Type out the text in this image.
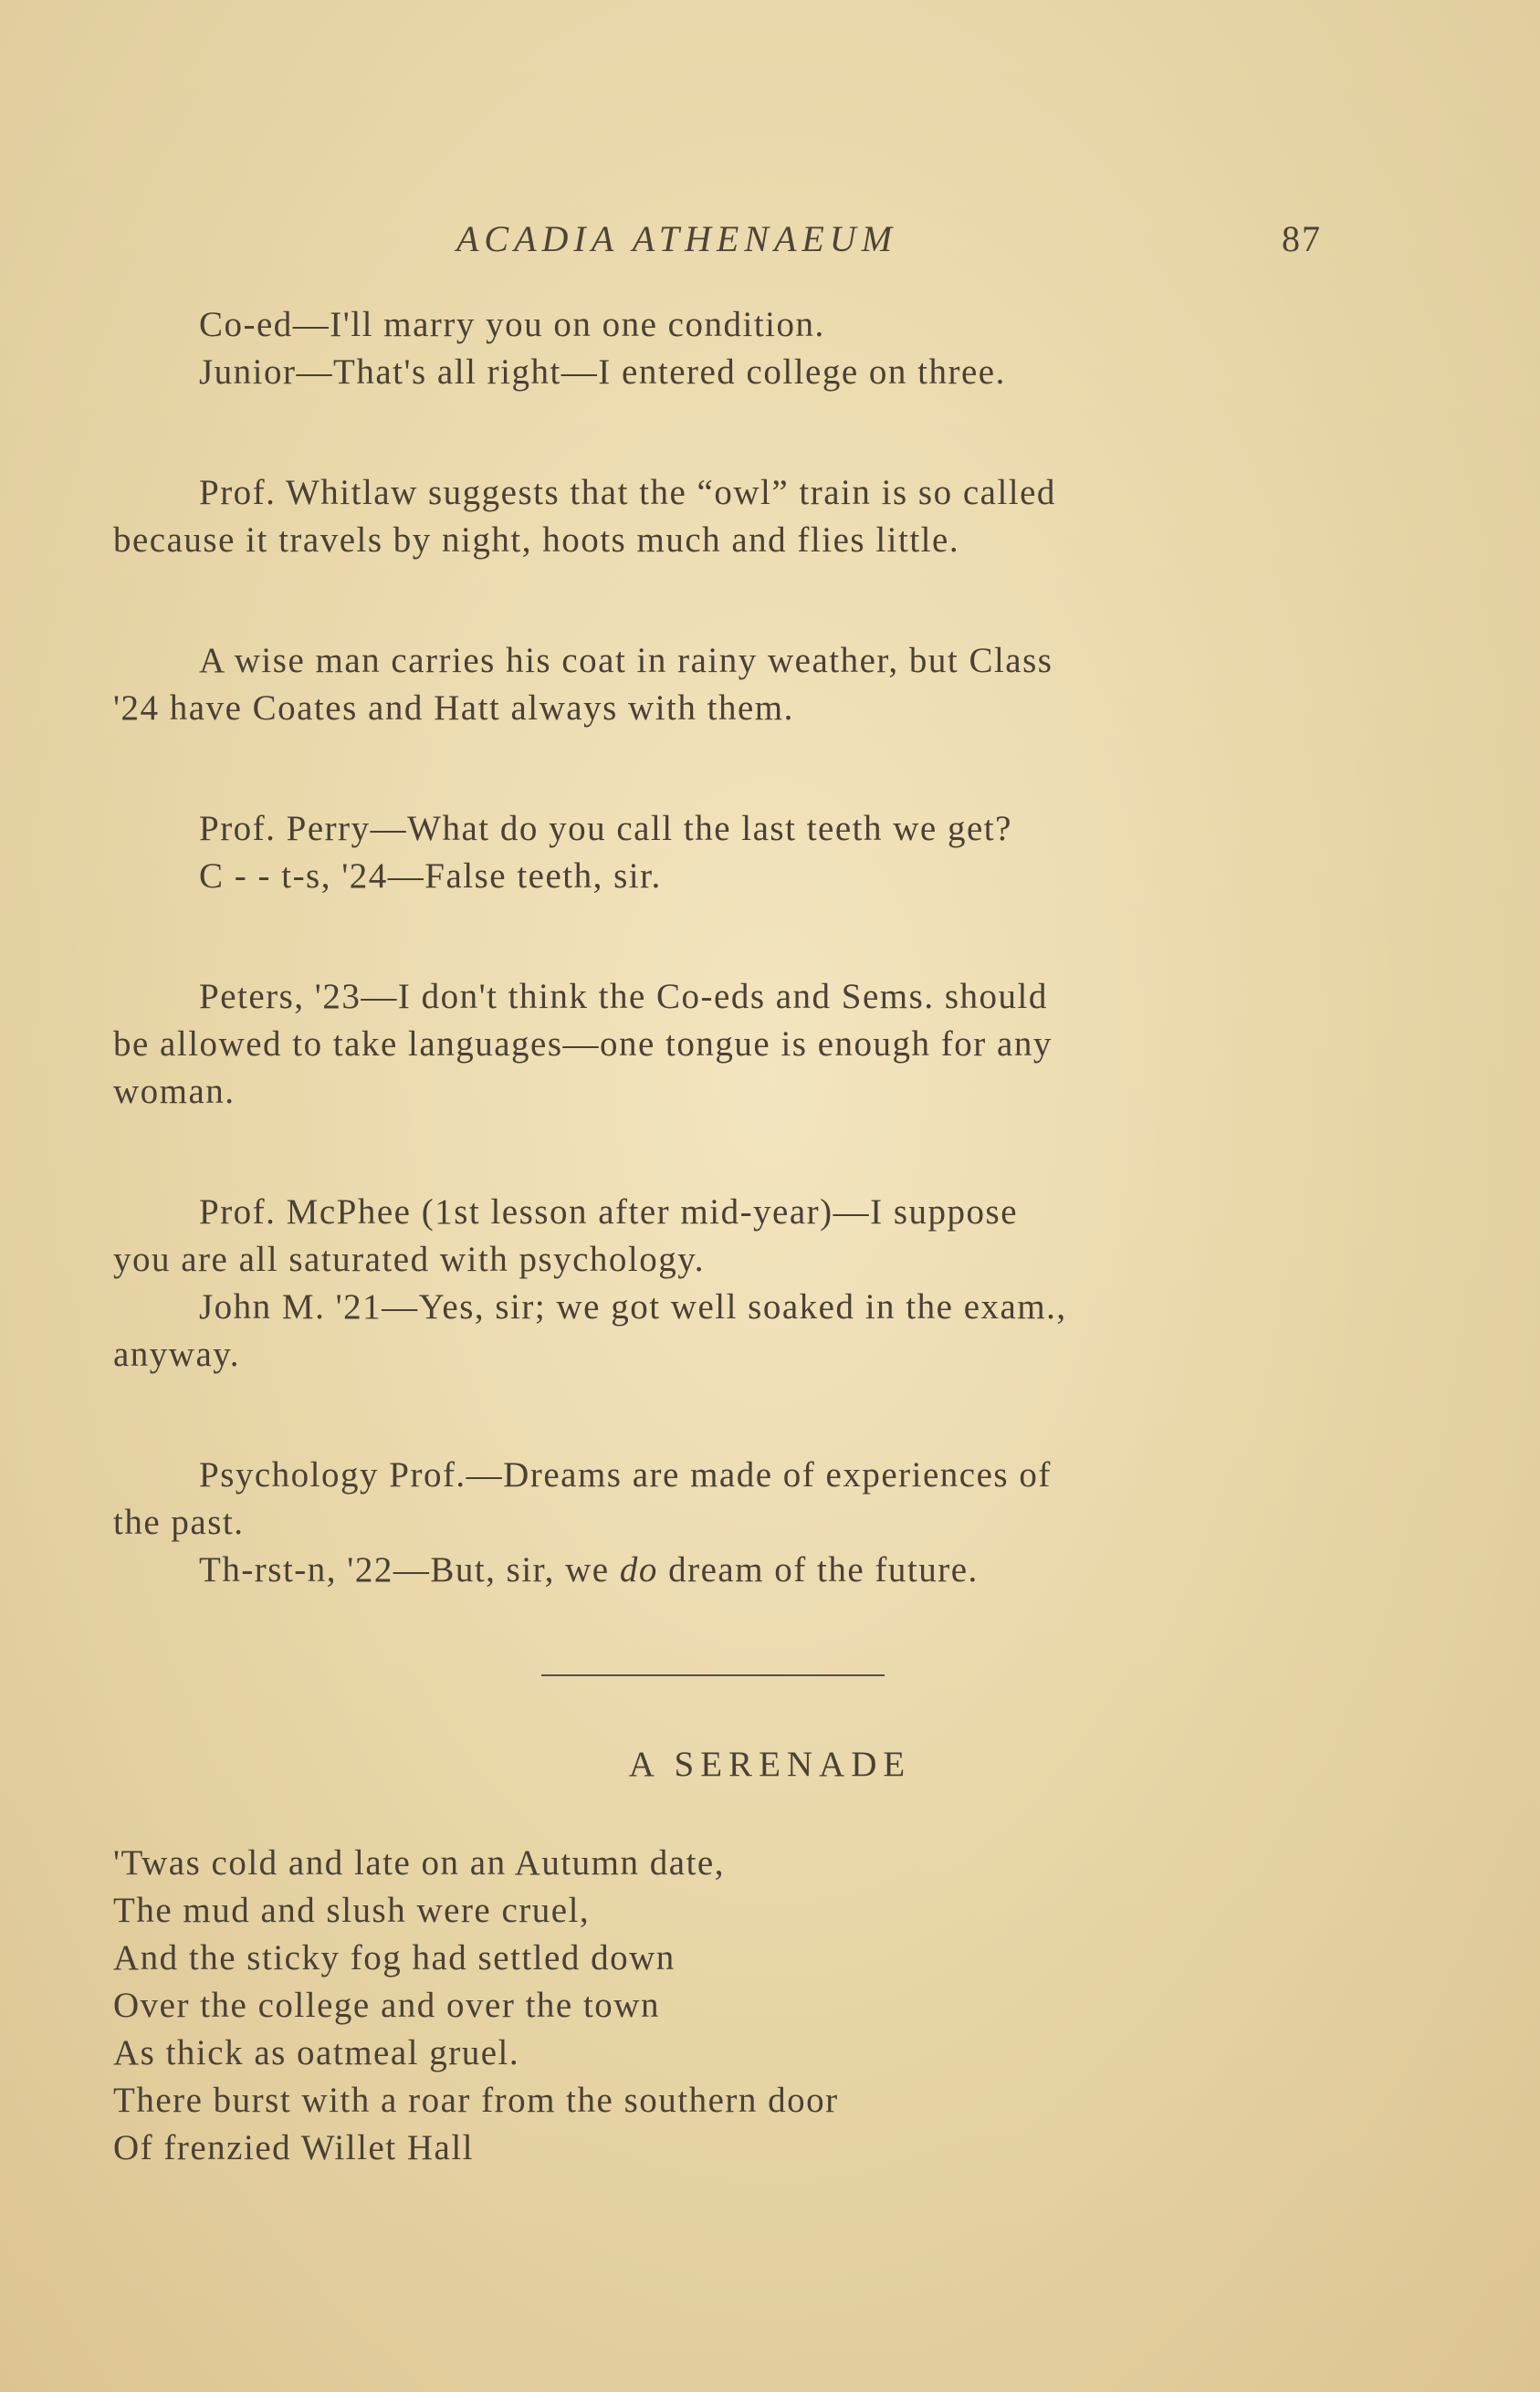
ACADIA ATHENAEUM	87
Co-ed—I'll marry you on one condition.
Junior—That's all right—I entered college on three.
Prof. Whitlaw suggests that the “owl” train is so called
because it travels by night, hoots much and flies little.
A wise man carries his coat in rainy weather, but Class
'24 have Coates and Hatt always with them.
Prof. Perry—What do you call the last teeth we get?
C - - t-s, '24—False teeth, sir.
Peters, '23—I don't think the Co-eds and Sems. should
be allowed to take languages—one tongue is enough for any
woman.
Prof. McPhee (1st lesson after mid-year)—I suppose
you are all saturated with psychology.
John M. '21—Yes, sir; we got well soaked in the exam.,
anyway.
Psychology Prof.—Dreams are made of experiences of
the past.
Th-rst-n, '22—But, sir, we do dream of the future.
A SERENADE
'Twas cold and late on an Autumn date,
The mud and slush were cruel,
And the sticky fog had settled down
Over the college and over the town
As thick as oatmeal gruel.
There burst with a roar from the southern door
Of frenzied Willet Hall
